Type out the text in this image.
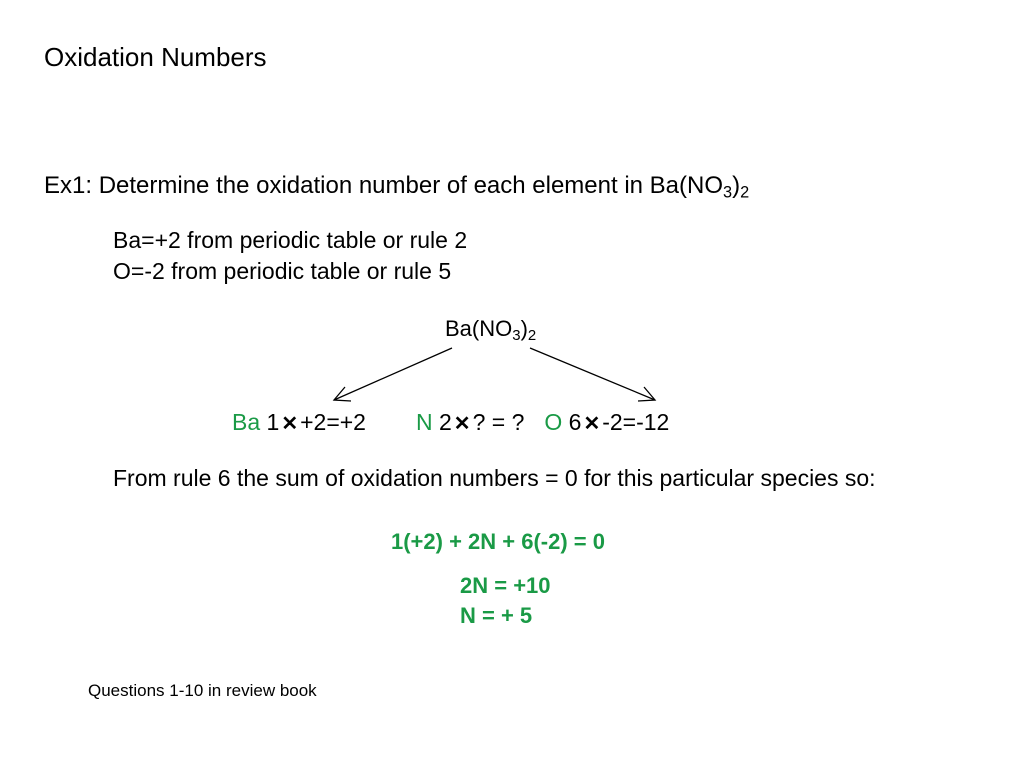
Oxidation Numbers
Ex1: Determine the oxidation number of each element in $Ba(NO_3)_2$
Ba=+2 from periodic table or rule 2
O=-2 from periodic table or rule 5
$Ba(NO_3)_2$
Ba 1 ✕+2=+2 N 2 ✕? = ? O 6 ✕-2=-12
From rule 6 the sum of oxidation numbers = 0 for this particular species so:
1(+2) + 2N + 6(-2) = 0
2N = +10
N = + 5
Questions 1-10 in review book
